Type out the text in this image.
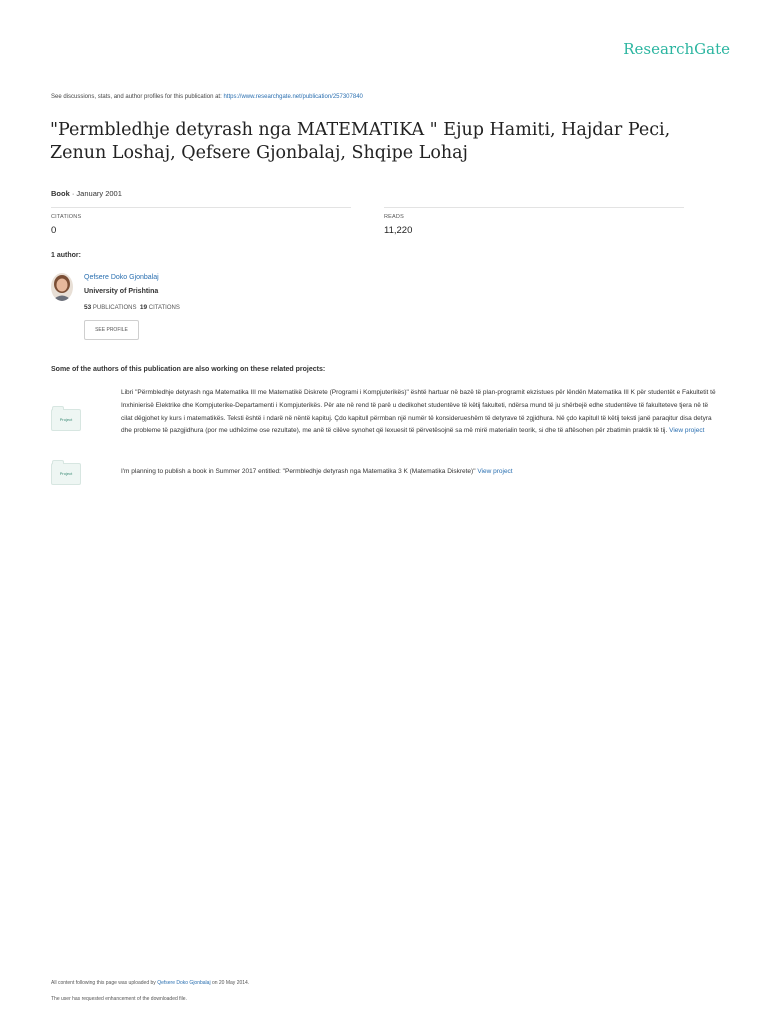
ResearchGate
See discussions, stats, and author profiles for this publication at: https://www.researchgate.net/publication/257307840
"Permbledhje detyrash nga MATEMATIKA " Ejup Hamiti, Hajdar Peci, Zenun Loshaj, Qefsere Gjonbalaj, Shqipe Lohaj
Book · January 2001
CITATIONS
0
READS
11,220
1 author:
Qefsere Doko Gjonbalaj
University of Prishtina
53 PUBLICATIONS 19 CITATIONS
SEE PROFILE
Some of the authors of this publication are also working on these related projects:
Project
Libri "Përmbledhje detyrash nga Matematika III me Matematikë Diskrete (Programi i Kompjuterikës)" është hartuar në bazë të plan-programit ekzistues për lëndën Matematika III K për studentët e Fakultetit të Inxhinierisë Elektrike dhe Kompjuterike-Departamenti i Kompjuterikës. Për ate në rend të parë u dedikohet studentëve të këtij fakulteti, ndërsa mund të ju shërbejë edhe studentëve të fakulteteve tjera në të cilat dëgjohet ky kurs i matematikës. Teksti është i ndarë në nëntë kapituj. Çdo kapitull përmban një numër të konsiderueshëm të detyrave të zgjidhura. Në çdo kapitull të këtij teksti janë paraqitur disa detyra dhe probleme të pazgjidhura (por me udhëzime ose rezultate), me anë të cilëve synohet që lexuesit të përvetësojnë sa më mirë materialin teorik, si dhe të aftësohen për zbatimin praktik të tij. View project
Project	I'm planning to publish a book in Summer 2017 entitled: "Permbledhje detyrash nga Matematika 3 K (Matematika Diskrete)" View project
All content following this page was uploaded by Qefsere Doko Gjonbalaj on 20 May 2014.
The user has requested enhancement of the downloaded file.
